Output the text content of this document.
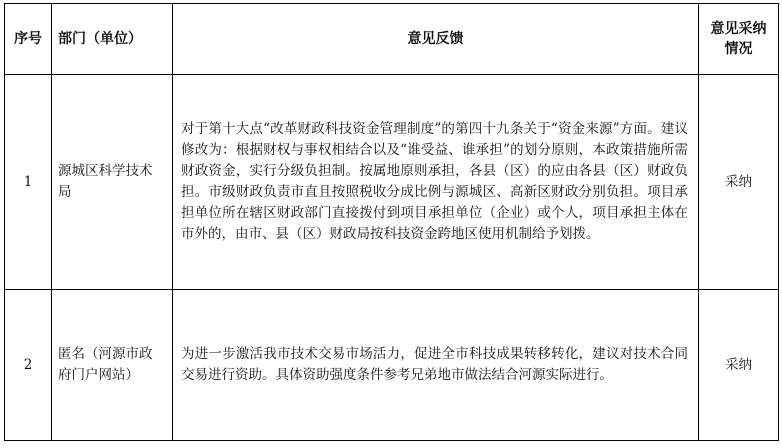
序号	部门（单位）	意见反馈	意见采纳
情况

1	源城区科学技术局	对于第十大点“改革财政科技资金管理制度”的第四十九条关于“资金来源”方面。建议修改为：根据财权与事权相结合以及“谁受益、谁承担”的划分原则，本政策措施所需财政资金，实行分级负担制。按属地原则承担，各县（区）的应由各县（区）财政负担。市级财政负责市直且按照税收分成比例与源城区、高新区财政分别负担。项目承担单位所在辖区财政部门直接拨付到项目承担单位（企业）或个人，项目承担主体在市外的，由市、县（区）财政局按科技资金跨地区使用机制给予划拨。	采纳
2	匿名（河源市政府门户网站）	为进一步激活我市技术交易市场活力，促进全市科技成果转移转化，建议对技术合同交易进行资助。具体资助强度条件参考兄弟地市做法结合河源实际进行。	采纳
